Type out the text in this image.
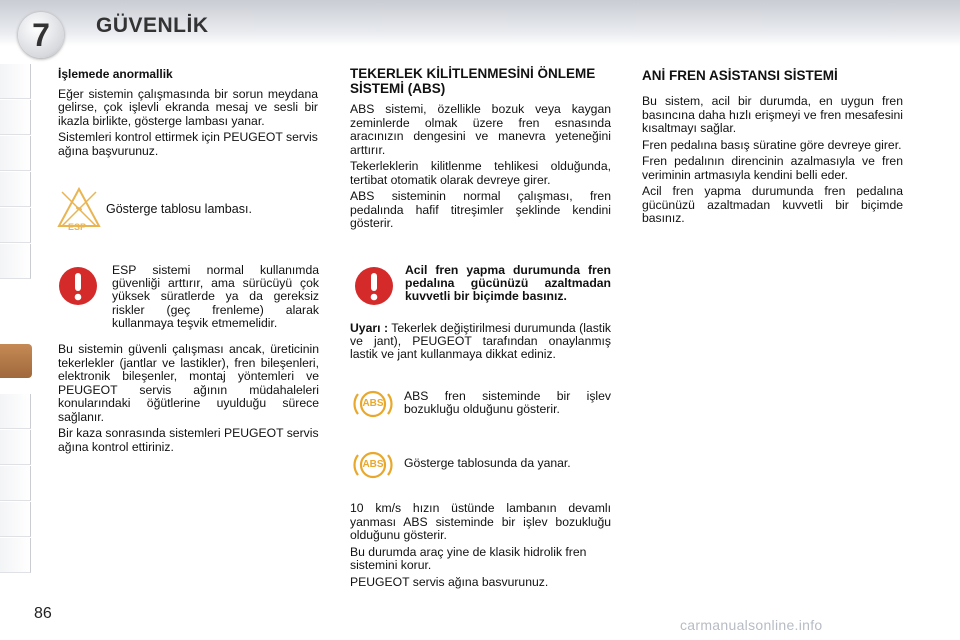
7	GÜVENLİK
İşlemede anormallik

Eğer sistemin çalışmasında bir sorun meydana gelirse, çok işlevli ekranda mesaj ve sesli bir ikazla birlikte, gösterge lambası yanar.

Sistemleri kontrol ettirmek için PEUGEOT servis ağına başvurunuz.

⌁
ESP
Gösterge tablosu lambası.
ESP sistemi normal kullanımda güvenliği arttırır, ama sürücüyü çok yüksek süratlerde ya da gereksiz riskler (geç frenleme) alarak kullanmaya teşvik etmemelidir.

Bu sistemin güvenli çalışması ancak, üreticinin tekerlekler (jantlar ve lastikler), fren bileşenleri, elektronik bileşenler, montaj yöntemleri ve PEUGEOT servis ağının müdahaleleri konularındaki öğütlerine uyulduğu sürece sağlanır.

Bir kaza sonrasında sistemleri PEUGEOT servis ağına kontrol ettiriniz.

TEKERLEK KİLİTLENMESİNİ ÖNLEME SİSTEMİ (ABS)

ABS sistemi, özellikle bozuk veya kaygan zeminlerde olmak üzere fren esnasında aracınızın dengesini ve manevra yeteneğini arttırır.

Tekerleklerin kilitlenme tehlikesi olduğunda, tertibat otomatik olarak devreye girer.

ABS sisteminin normal çalışması, fren pedalında hafif titreşimler şeklinde kendini gösterir.

Acil fren yapma durumunda fren pedalına gücünüzü azaltmadan kuvvetli bir biçimde basınız.
Uyarı : Tekerlek değiştirilmesi durumunda (lastik ve jant), PEUGEOT tarafından onaylanmış lastik ve jant kullanmaya dikkat ediniz.
ABS
ABS fren sisteminde bir işlev bozukluğu olduğunu gösterir.
ABS	Gösterge tablosunda da yanar.

10 km/s hızın üstünde lambanın devamlı yanması ABS sisteminde bir işlev bozukluğu olduğunu gösterir.

Bu durumda araç yine de klasik hidrolik fren sistemini korur.

PEUGEOT servis ağına basvurunuz.

ANİ FREN ASİSTANSI SİSTEMİ

Bu sistem, acil bir durumda, en uygun fren basıncına daha hızlı erişmeyi ve fren mesafesini kısaltmayı sağlar.

Fren pedalına basış süratine göre devreye girer.

Fren pedalının direncinin azalmasıyla ve fren veriminin artmasıyla kendini belli eder.

Acil fren yapma durumunda fren pedalına gücünüzü azaltmadan kuvvetli bir biçimde basınız.

86
carmanualsonline.info
